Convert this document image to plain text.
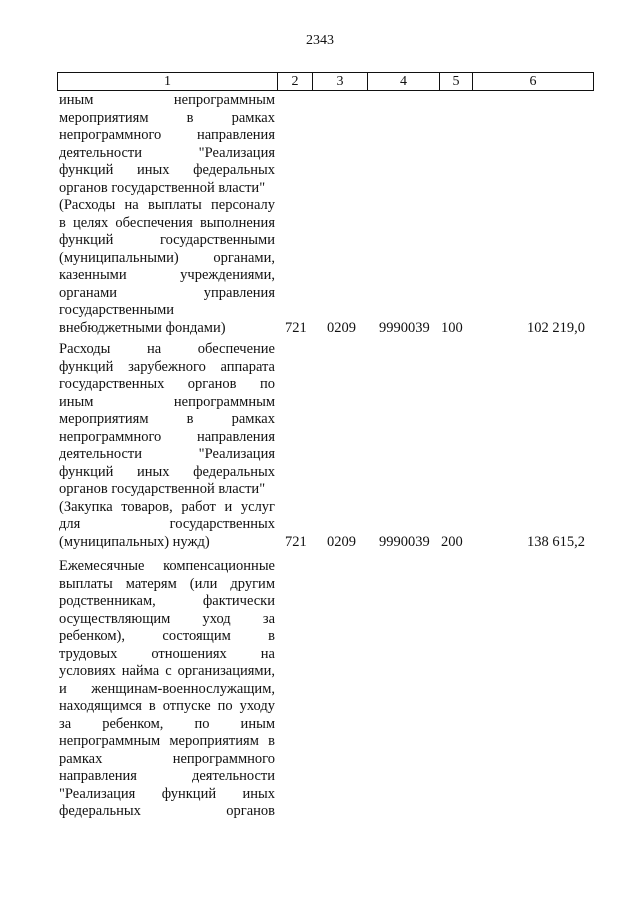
2343
1	2	3	4	5	6
иным непрограммным
мероприятиям в рамках
непрограммного направления
деятельности "Реализация
функций иных федеральных
органов государственной власти"
(Расходы на выплаты персоналу
в целях обеспечения выполнения
функций государственными
(муниципальными) органами,
казенными учреждениями,
органами управления
государственными
внебюджетными фондами)	721	0209	9990039 100	102 219,0
Расходы на обеспечение
функций зарубежного аппарата
государственных органов по
иным непрограммным
мероприятиям в рамках
непрограммного направления
деятельности "Реализация
функций иных федеральных
органов государственной власти"
(Закупка товаров, работ и услуг
для государственных
(муниципальных) нужд)	721	0209	9990039 200	138 615,2
Ежемесячные компенсационные
выплаты матерям (или другим
родственникам, фактически
осуществляющим уход за
ребенком), состоящим в
трудовых отношениях на
условиях найма с организациями,
и женщинам-военнослужащим,
находящимся в отпуске по уходу
за ребенком, по иным
непрограммным мероприятиям в
рамках непрограммного
направления деятельности
"Реализация функций иных
федеральных органов
